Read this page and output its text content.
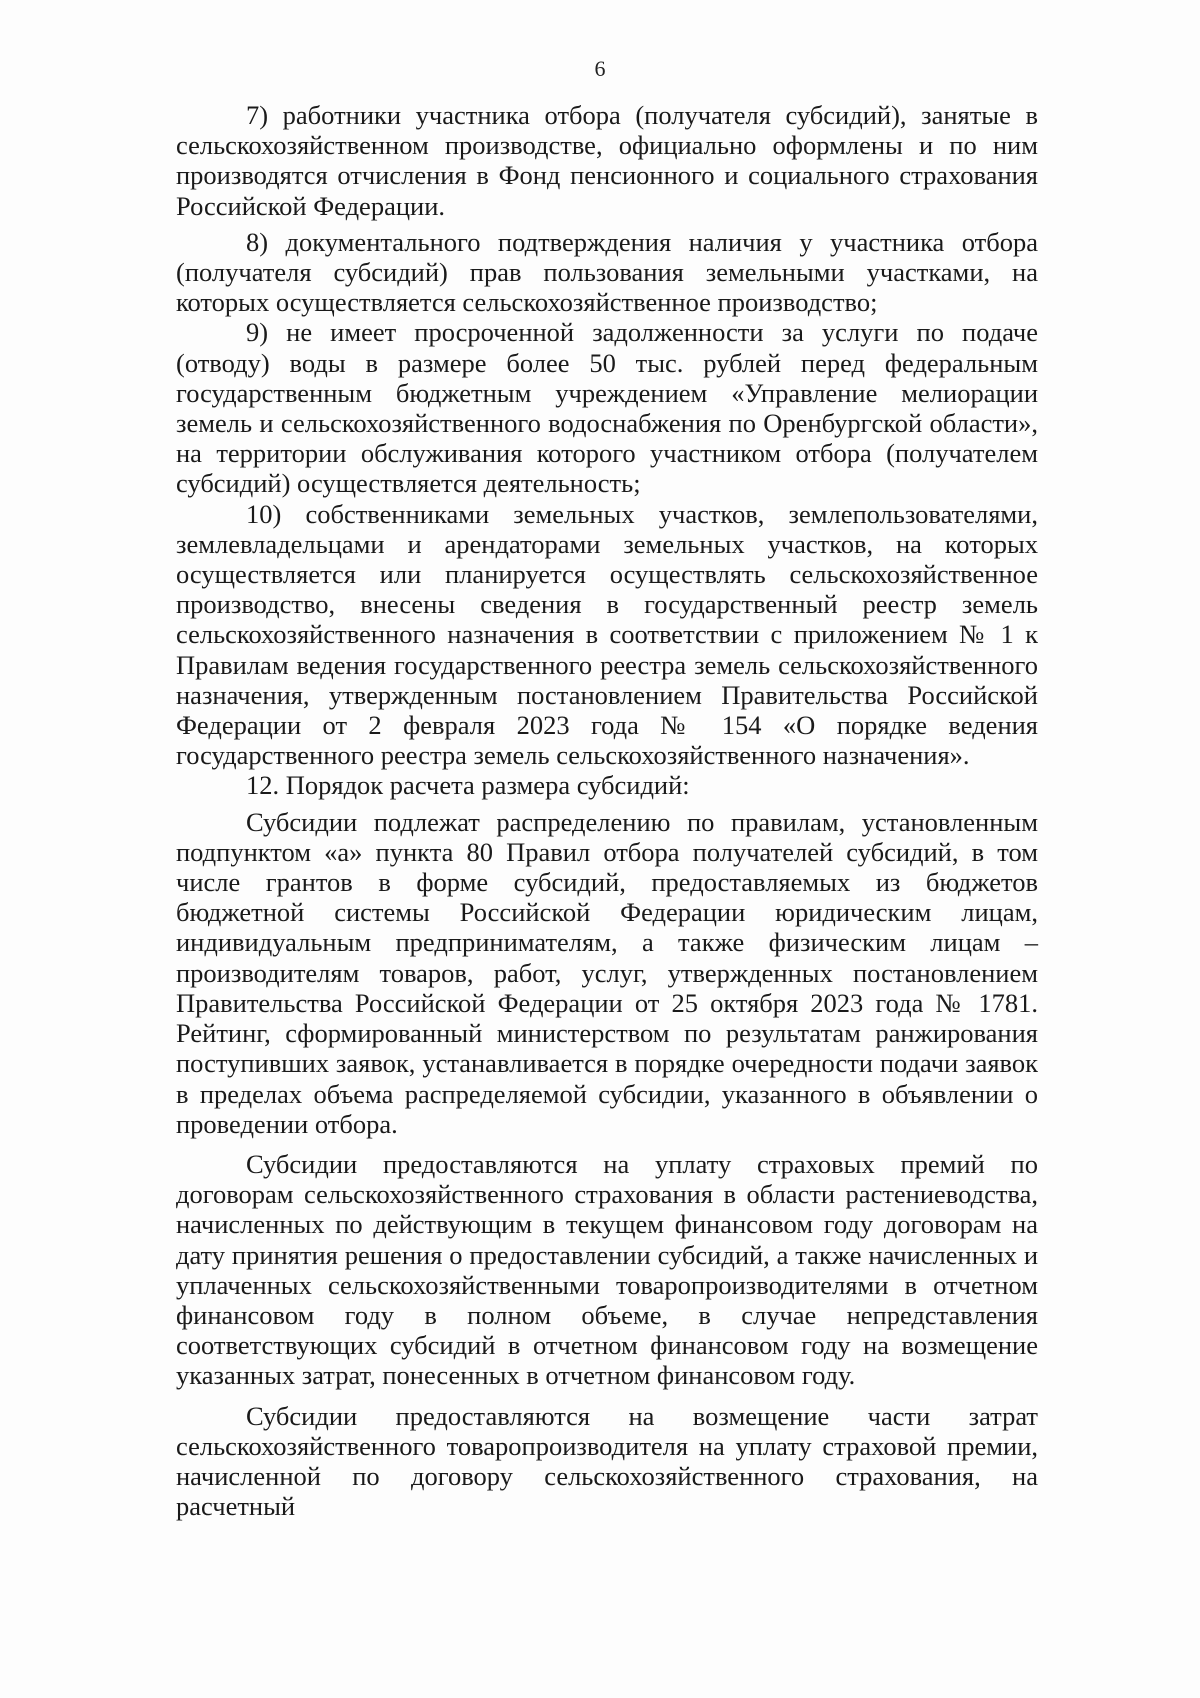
6

7) работники участника отбора (получателя субсидий), занятые в сельскохозяйственном производстве, официально оформлены и по ним производятся отчисления в Фонд пенсионного и социального страхования Российской Федерации.

8) документального подтверждения наличия у участника отбора (получателя субсидий) прав пользования земельными участками, на которых осуществляется сельскохозяйственное производство;

9) не имеет просроченной задолженности за услуги по подаче (отводу) воды в размере более 50 тыс. рублей перед федеральным государственным бюджетным учреждением «Управление мелиорации земель и сельскохозяйственного водоснабжения по Оренбургской области», на территории обслуживания которого участником отбора (получателем субсидий) осуществляется деятельность;

10) собственниками земельных участков, землепользователями, землевладельцами и арендаторами земельных участков, на которых осуществляется или планируется осуществлять сельскохозяйственное производство, внесены сведения в государственный реестр земель сельскохозяйственного назначения в соответствии с приложением № 1 к Правилам ведения государственного реестра земель сельскохозяйственного назначения, утвержденным постановлением Правительства Российской Федерации от 2 февраля 2023 года № 154 «О порядке ведения государственного реестра земель сельскохозяйственного назначения».

12. Порядок расчета размера субсидий:

Субсидии подлежат распределению по правилам, установленным подпунктом «а» пункта 80 Правил отбора получателей субсидий, в том числе грантов в форме субсидий, предоставляемых из бюджетов бюджетной системы Российской Федерации юридическим лицам, индивидуальным предпринимателям, а также физическим лицам – производителям товаров, работ, услуг, утвержденных постановлением Правительства Российской Федерации от 25 октября 2023 года № 1781. Рейтинг, сформированный министерством по результатам ранжирования поступивших заявок, устанавливается в порядке очередности подачи заявок в пределах объема распределяемой субсидии, указанного в объявлении о проведении отбора.

Субсидии предоставляются на уплату страховых премий по договорам сельскохозяйственного страхования в области растениеводства, начисленных по действующим в текущем финансовом году договорам на дату принятия решения о предоставлении субсидий, а также начисленных и уплаченных сельскохозяйственными товаропроизводителями в отчетном финансовом году в полном объеме, в случае непредставления соответствующих субсидий в отчетном финансовом году на возмещение указанных затрат, понесенных в отчетном финансовом году.

Субсидии предоставляются на возмещение части затрат сельскохозяйственного товаропроизводителя на уплату страховой премии, начисленной по договору сельскохозяйственного страхования, на расчетный
